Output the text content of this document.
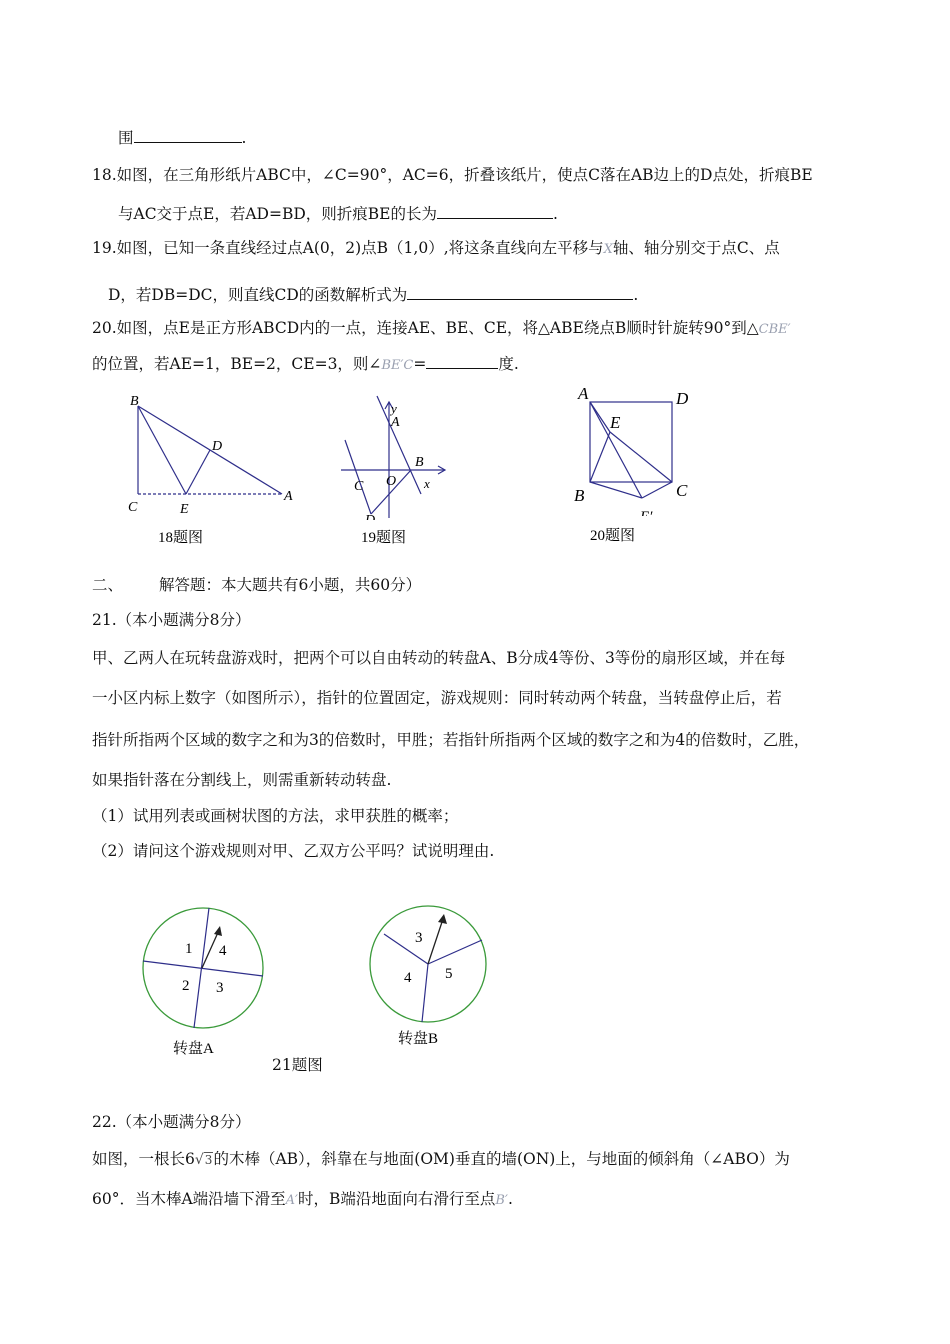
围	.
18.如图，在三角形纸片ABC中，∠C=90°，AC=6，折叠该纸片，使点C落在AB边上的D点处，折痕BE
与AC交于点E，若AD=BD，则折痕BE的长为	.
19.如图，已知一条直线经过点A(0，2)点B（1,0）,将这条直线向左平移与X轴、轴分别交于点C、点
D，若DB=DC，则直线CD的函数解析式为	.
20.如图，点E是正方形ABCD内的一点，连接AE、BE、CE，将△ABE绕点B顺时针旋转90°到△CBE′
的位置，若AE=1，BE=2，CE=3，则∠BE′C=	度.
B
C
D
E
A
18题图
y
A
B
C O x
19题图
A	D
E
B	C
20题图
二、 解答题：本大题共有6小题，共60分）
21.（本小题满分8分）
甲、乙两人在玩转盘游戏时，把两个可以自由转动的转盘A、B分成4等份、3等份的扇形区域，并在每
一小区内标上数字（如图所示），指针的位置固定，游戏规则：同时转动两个转盘，当转盘停止后，若
指针所指两个区域的数字之和为3的倍数时，甲胜；若指针所指两个区域的数字之和为4的倍数时，乙胜，
如果指针落在分割线上，则需重新转动转盘.
（1）试用列表或画树状图的方法，求甲获胜的概率；
（2）请问这个游戏规则对甲、乙双方公平吗？试说明理由.
1 4
2 3
转盘A
3
4 5
转盘B
21题图
22.（本小题满分8分）
如图，一根长6√3的木棒（AB），斜靠在与地面(OM)垂直的墙(ON)上，与地面的倾斜角（∠ABO）为
60°．当木棒A端沿墙下滑至A′时，B端沿地面向右滑行至点B′.
